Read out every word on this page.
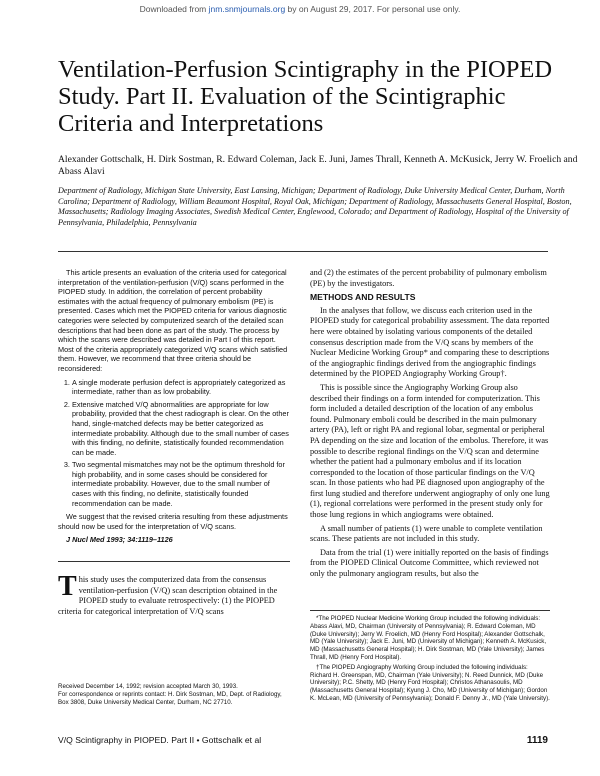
Downloaded from jnm.snmjournals.org by on August 29, 2017. For personal use only.
Ventilation-Perfusion Scintigraphy in the PIOPED Study. Part II. Evaluation of the Scintigraphic Criteria and Interpretations
Alexander Gottschalk, H. Dirk Sostman, R. Edward Coleman, Jack E. Juni, James Thrall, Kenneth A. McKusick, Jerry W. Froelich and Abass Alavi
Department of Radiology, Michigan State University, East Lansing, Michigan; Department of Radiology, Duke University Medical Center, Durham, North Carolina; Department of Radiology, William Beaumont Hospital, Royal Oak, Michigan; Department of Radiology, Massachusetts General Hospital, Boston, Massachusetts; Radiology Imaging Associates, Swedish Medical Center, Englewood, Colorado; and Department of Radiology, Hospital of the University of Pennsylvania, Philadelphia, Pennsylvania

This article presents an evaluation of the criteria used for categorical interpretation of the ventilation-perfusion (V/Q) scans performed in the PIOPED study. In addition, the correlation of percent probability estimates with the actual frequency of pulmonary embolism (PE) is presented. Cases which met the PIOPED criteria for various diagnostic categories were selected by computerized search of the detailed scan descriptions that had been done as part of the study. The process by which the scans were described was detailed in Part I of this report. Most of the criteria appropriately categorized V/Q scans which satisfied them. However, we recommend that three criteria should be reconsidered:

1. A single moderate perfusion defect is appropriately categorized as intermediate, rather than as low probability.
2. Extensive matched V/Q abnormalities are appropriate for low probability, provided that the chest radiograph is clear. On the other hand, single-matched defects may be better categorized as intermediate probability. Although due to the small number of cases with this finding, no definite, statistically founded recommendation can be made.
3. Two segmental mismatches may not be the optimum threshold for high probability, and in some cases should be considered for intermediate probability. However, due to the small number of cases with this finding, no definite, statistically founded recommendation can be made.

We suggest that the revised criteria resulting from these adjustments should now be used for the interpretation of V/Q scans.

J Nucl Med 1993; 34:1119–1126

This study uses the computerized data from the consensus ventilation-perfusion (V/Q) scan description obtained in the PIOPED study to evaluate retrospectively: (1) the PIOPED criteria for categorical interpretation of V/Q scans
Received December 14, 1992; revision accepted March 30, 1993.
For correspondence or reprints contact: H. Dirk Sostman, MD, Dept. of Radiology, Box 3808, Duke University Medical Center, Durham, NC 27710.

and (2) the estimates of the percent probability of pulmonary embolism (PE) by the investigators.

METHODS AND RESULTS

In the analyses that follow, we discuss each criterion used in the PIOPED study for categorical probability assessment. The data reported here were obtained by isolating various components of the detailed consensus description made from the V/Q scans by members of the Nuclear Medicine Working Group* and comparing these to descriptions of the angiographic findings derived from the angiographic findings determined by the PIOPED Angiography Working Group†.

This is possible since the Angiography Working Group also described their findings on a form intended for computerization. This form included a detailed description of the location of any embolus found. Pulmonary emboli could be described in the main pulmonary artery (PA), left or right PA and regional lobar, segmental or peripheral PA depending on the size and location of the embolus. Therefore, it was possible to describe regional findings on the V/Q scan and determine whether the patient had a pulmonary embolus and if its location corresponded to the location of those particular findings on the V/Q scan. In those patients who had PE diagnosed upon angiography of the first lung studied and therefore underwent angiography of only one lung (1), regional correlations were performed in the present study only for those lung regions in which angiograms were obtained.

A small number of patients (1) were unable to complete ventilation scans. These patients are not included in this study.

Data from the trial (1) were initially reported on the basis of findings from the PIOPED Clinical Outcome Committee, which reviewed not only the pulmonary angiogram results, but also the

*The PIOPED Nuclear Medicine Working Group included the following individuals: Abass Alavi, MD, Chairman (University of Pennsylvania); R. Edward Coleman, MD (Duke University); Jerry W. Froelich, MD (Henry Ford Hospital); Alexander Gottschalk, MD (Yale University); Jack E. Juni, MD (University of Michigan); Kenneth A. McKusick, MD (Massachusetts General Hospital); H. Dirk Sostman, MD (Yale University); James Thrall, MD (Henry Ford Hospital).

†The PIOPED Angiography Working Group included the following individuals: Richard H. Greenspan, MD, Chairman (Yale University); N. Reed Dunnick, MD (Duke University); P.C. Shetty, MD (Henry Ford Hospital); Christos Athanasoulis, MD (Massachusetts General Hospital); Kyung J. Cho, MD (University of Michigan); Gordon K. McLean, MD (University of Pennsylvania); Donald F. Denny Jr., MD (Yale University).

V/Q Scintigraphy in PIOPED. Part II • Gottschalk et al	1119
